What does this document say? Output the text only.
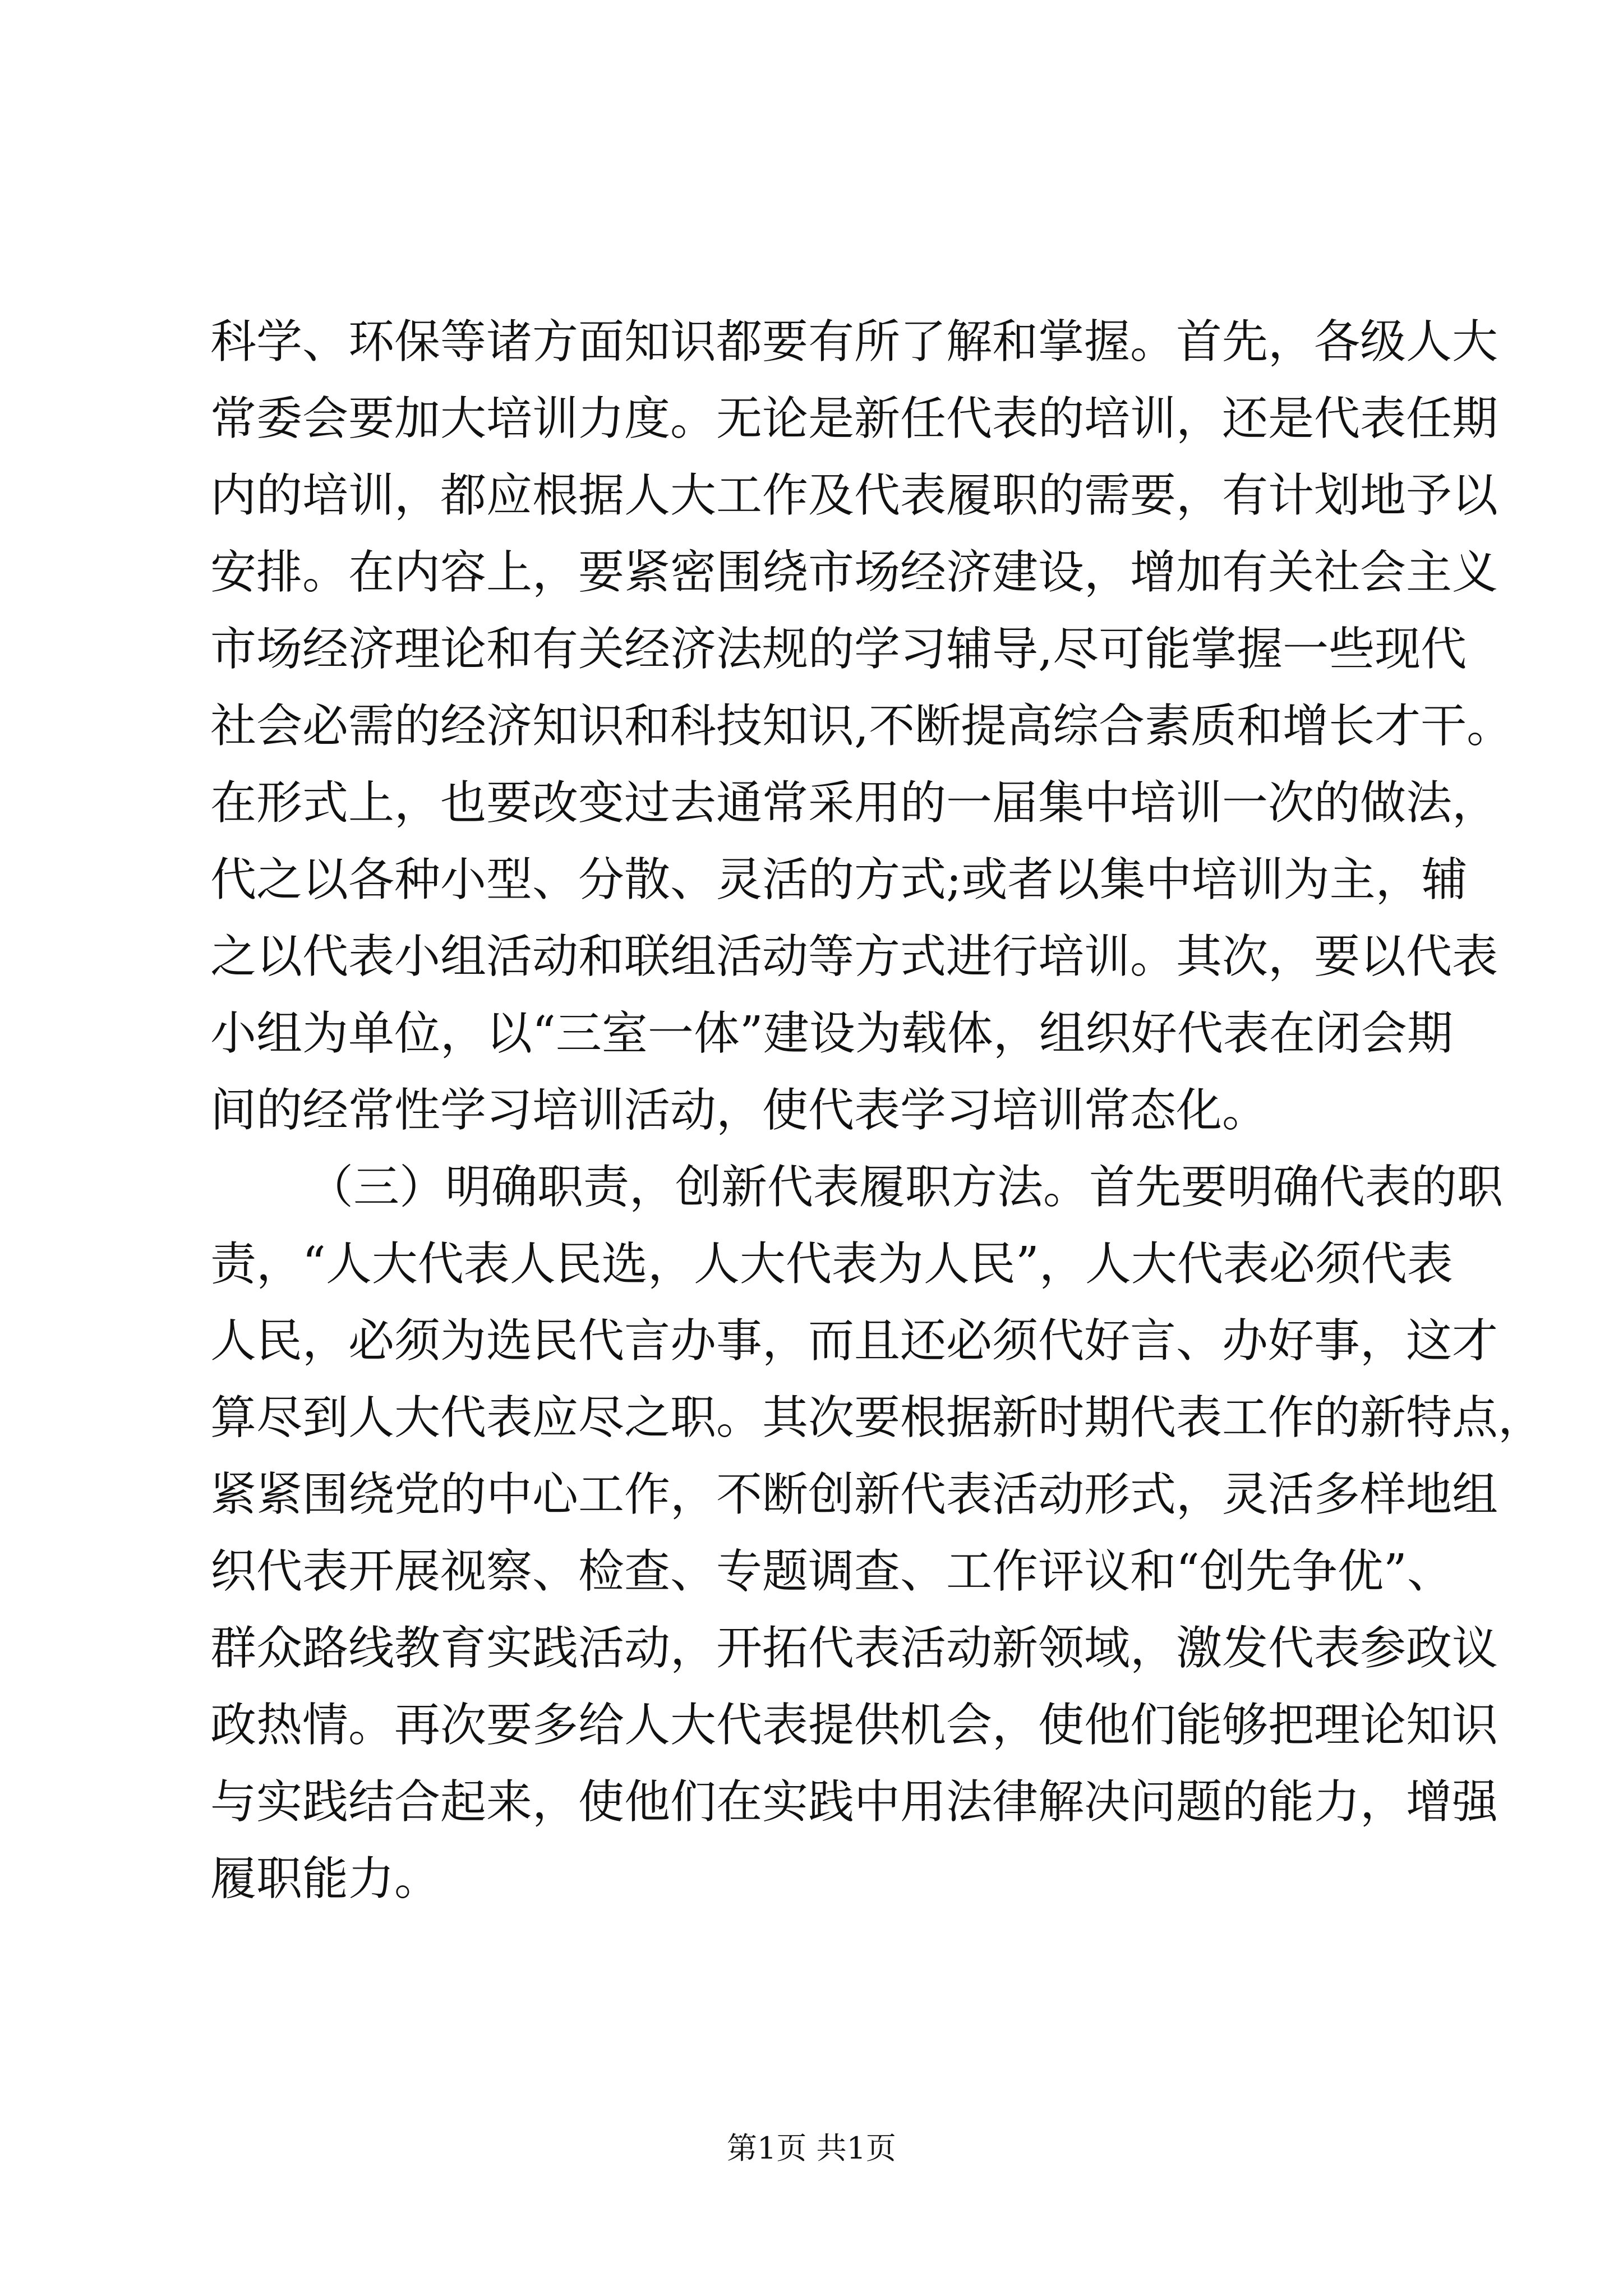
科学、环保等诸方面知识都要有所了解和掌握。首先，各级人大
常委会要加大培训力度。无论是新任代表的培训，还是代表任期
内的培训，都应根据人大工作及代表履职的需要，有计划地予以
安排。在内容上，要紧密围绕市场经济建设，增加有关社会主义
市场经济理论和有关经济法规的学习辅导,尽可能掌握一些现代
社会必需的经济知识和科技知识,不断提高综合素质和增长才干。
在形式上，也要改变过去通常采用的一届集中培训一次的做法，
代之以各种小型、分散、灵活的方式;或者以集中培训为主，辅
之以代表小组活动和联组活动等方式进行培训。其次，要以代表
小组为单位，以“三室一体”建设为载体，组织好代表在闭会期
间的经常性学习培训活动，使代表学习培训常态化。
（三）明确职责，创新代表履职方法。首先要明确代表的职
责，“人大代表人民选，人大代表为人民”，人大代表必须代表
人民，必须为选民代言办事，而且还必须代好言、办好事，这才
算尽到人大代表应尽之职。其次要根据新时期代表工作的新特点，
紧紧围绕党的中心工作，不断创新代表活动形式，灵活多样地组
织代表开展视察、检查、专题调查、工作评议和“创先争优”、
群众路线教育实践活动，开拓代表活动新领域，激发代表参政议
政热情。再次要多给人大代表提供机会，使他们能够把理论知识
与实践结合起来，使他们在实践中用法律解决问题的能力，增强
履职能力。
第1页 共1页
